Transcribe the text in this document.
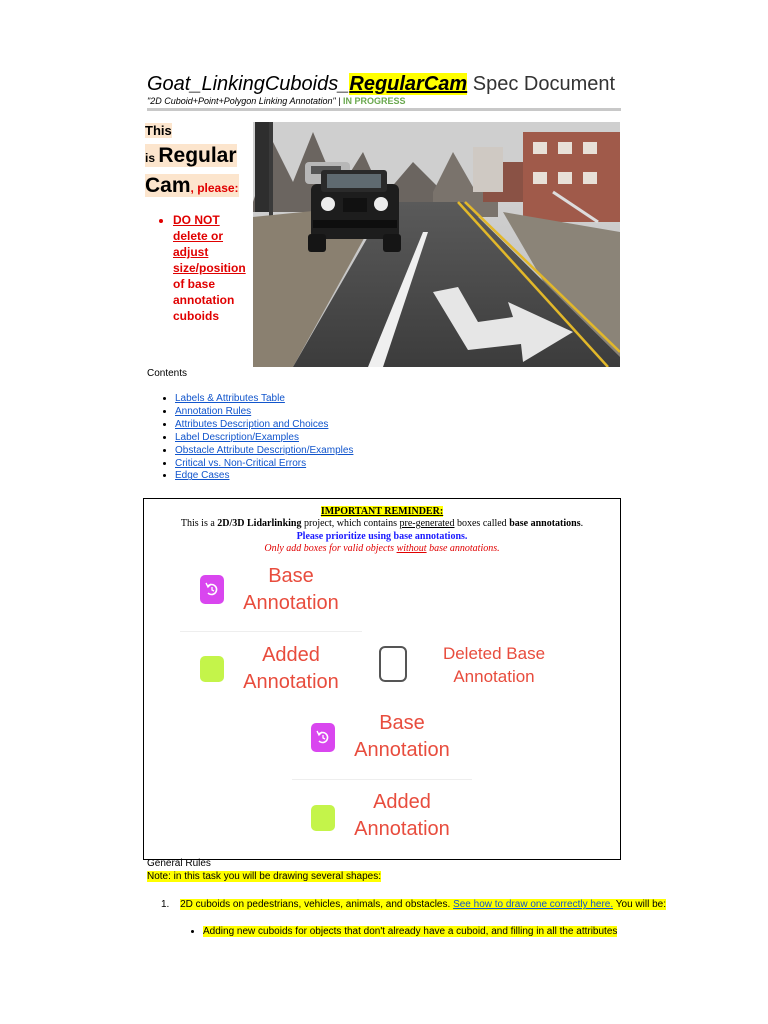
Goat_LinkingCuboids_RegularCam Spec Document
"2D Cuboid+Point+Polygon Linking Annotation" | IN PROGRESS
This
is Regular
Cam, please:
• DO NOT delete or adjust size/position of base annotation cuboids
Contents
• Labels & Attributes Table
• Annotation Rules
• Attributes Description and Choices
• Label Description/Examples
• Obstacle Attribute Description/Examples
• Critical vs. Non-Critical Errors
• Edge Cases
IMPORTANT REMINDER:
This is a 2D/3D Lidarlinking project, which contains pre-generated boxes called base annotations.
Please prioritize using base annotations.
Only add boxes for valid objects without base annotations.
Base
Annotation
Added
Annotation
Deleted Base
Annotation
Base
Annotation
Added
Annotation
General Rules
Note: in this task you will be drawing several shapes:
1. 2D cuboids on pedestrians, vehicles, animals, and obstacles. See how to draw one correctly here. You will be:
• Adding new cuboids for objects that don't already have a cuboid, and filling in all the attributes
